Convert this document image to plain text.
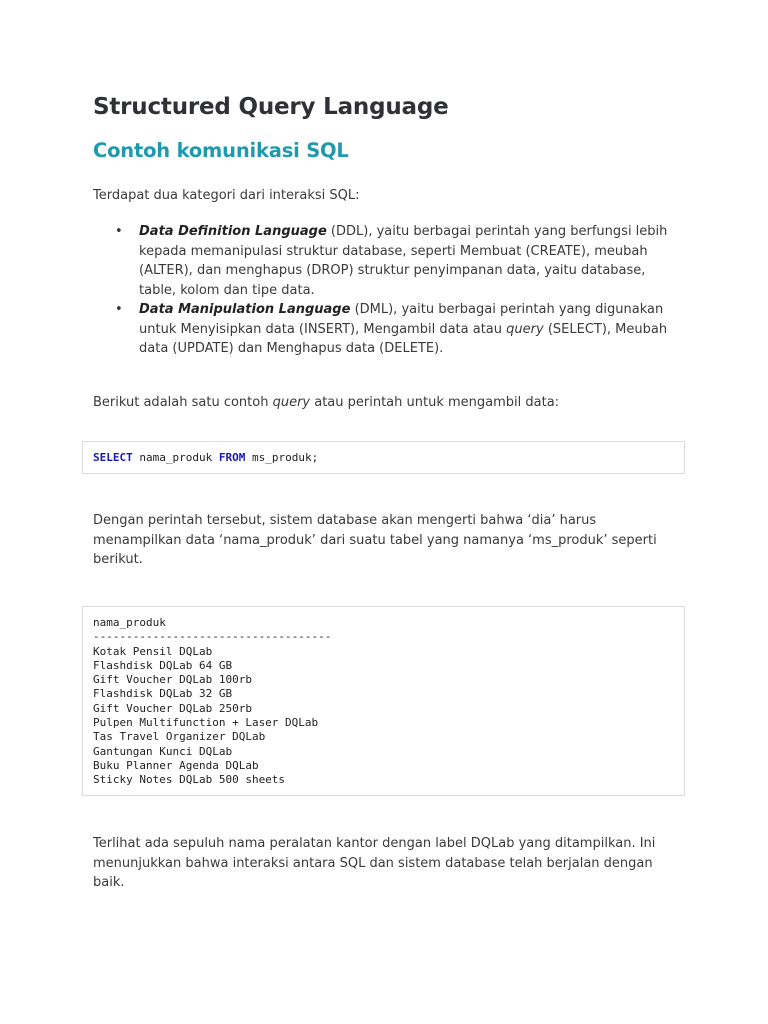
Structured Query Language
Contoh komunikasi SQL

Terdapat dua kategori dari interaksi SQL:

• Data Definition Language (DDL), yaitu berbagai perintah yang berfungsi lebih kepada memanipulasi struktur database, seperti Membuat (CREATE), meubah (ALTER), dan menghapus (DROP) struktur penyimpanan data, yaitu database, table, kolom dan tipe data.
• Data Manipulation Language (DML), yaitu berbagai perintah yang digunakan untuk Menyisipkan data (INSERT), Mengambil data atau query (SELECT), Meubah data (UPDATE) dan Menghapus data (DELETE).

Berikut adalah satu contoh query atau perintah untuk mengambil data:

SELECT nama_produk FROM ms_produk;

Dengan perintah tersebut, sistem database akan mengerti bahwa ‘dia’ harus menampilkan data ‘nama_produk’ dari suatu tabel yang namanya ‘ms_produk’ seperti berikut.

nama_produk
------------------------------------
Kotak Pensil DQLab
Flashdisk DQLab 64 GB
Gift Voucher DQLab 100rb
Flashdisk DQLab 32 GB
Gift Voucher DQLab 250rb
Pulpen Multifunction + Laser DQLab
Tas Travel Organizer DQLab
Gantungan Kunci DQLab
Buku Planner Agenda DQLab
Sticky Notes DQLab 500 sheets

Terlihat ada sepuluh nama peralatan kantor dengan label DQLab yang ditampilkan. Ini menunjukkan bahwa interaksi antara SQL dan sistem database telah berjalan dengan baik.
